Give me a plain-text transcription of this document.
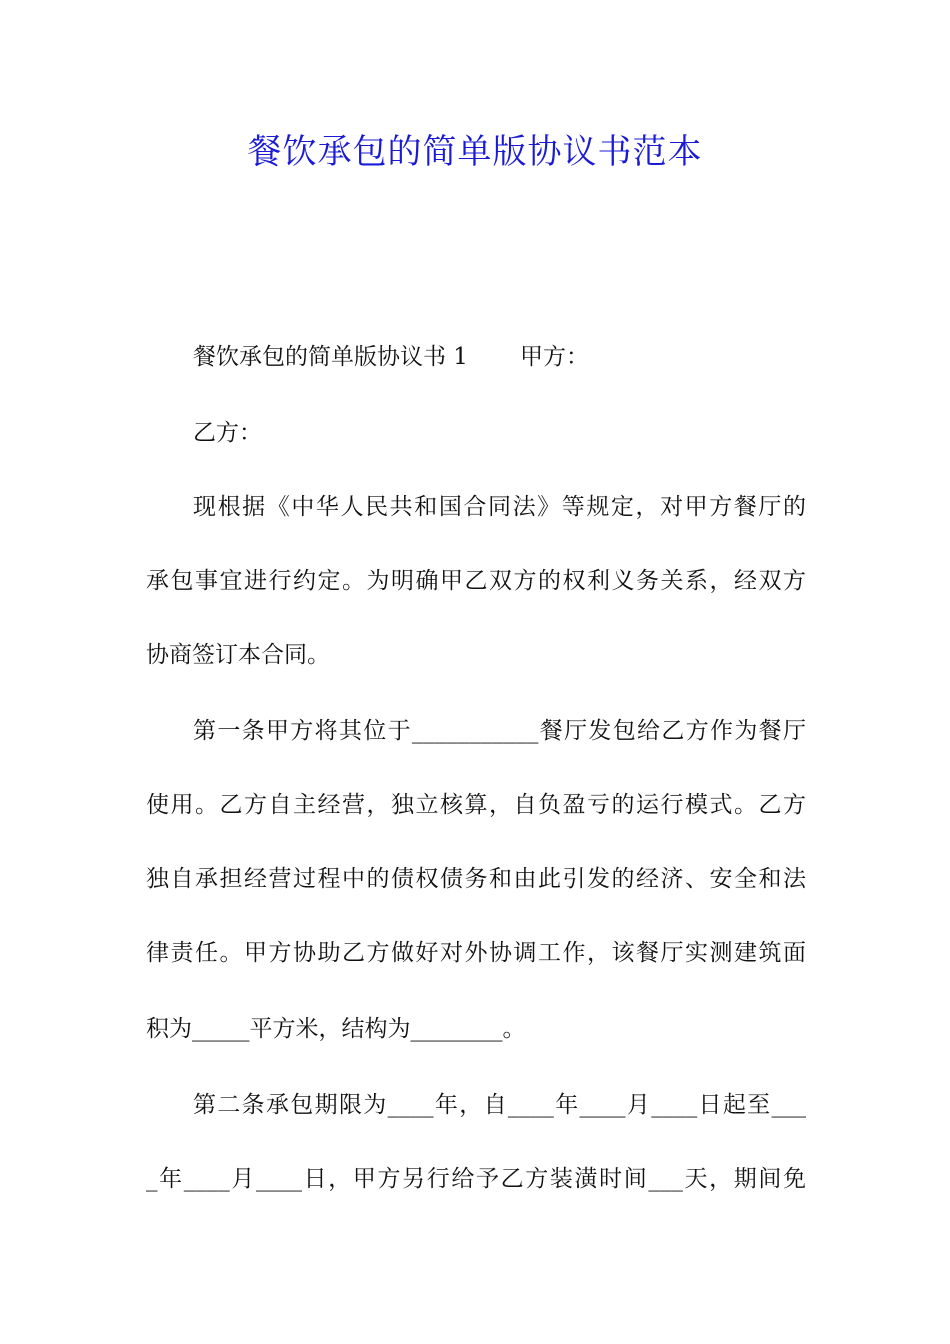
餐饮承包的简单版协议书范本

餐饮承包的简单版协议书 1 甲方：

乙方：

现根据《中华人民共和国合同法》等规定，对甲方餐厅的

承包事宜进行约定。为明确甲乙双方的权利义务关系，经双方

协商签订本合同。

第一条甲方将其位于___________餐厅发包给乙方作为餐厅

使用。乙方自主经营，独立核算，自负盈亏的运行模式。乙方

独自承担经营过程中的债权债务和由此引发的经济、安全和法

律责任。甲方协助乙方做好对外协调工作，该餐厅实测建筑面

积为_____平方米，结构为________。

第二条承包期限为____年，自____年____月____日起至___

_年____月____日，甲方另行给予乙方装潢时间___天，期间免
